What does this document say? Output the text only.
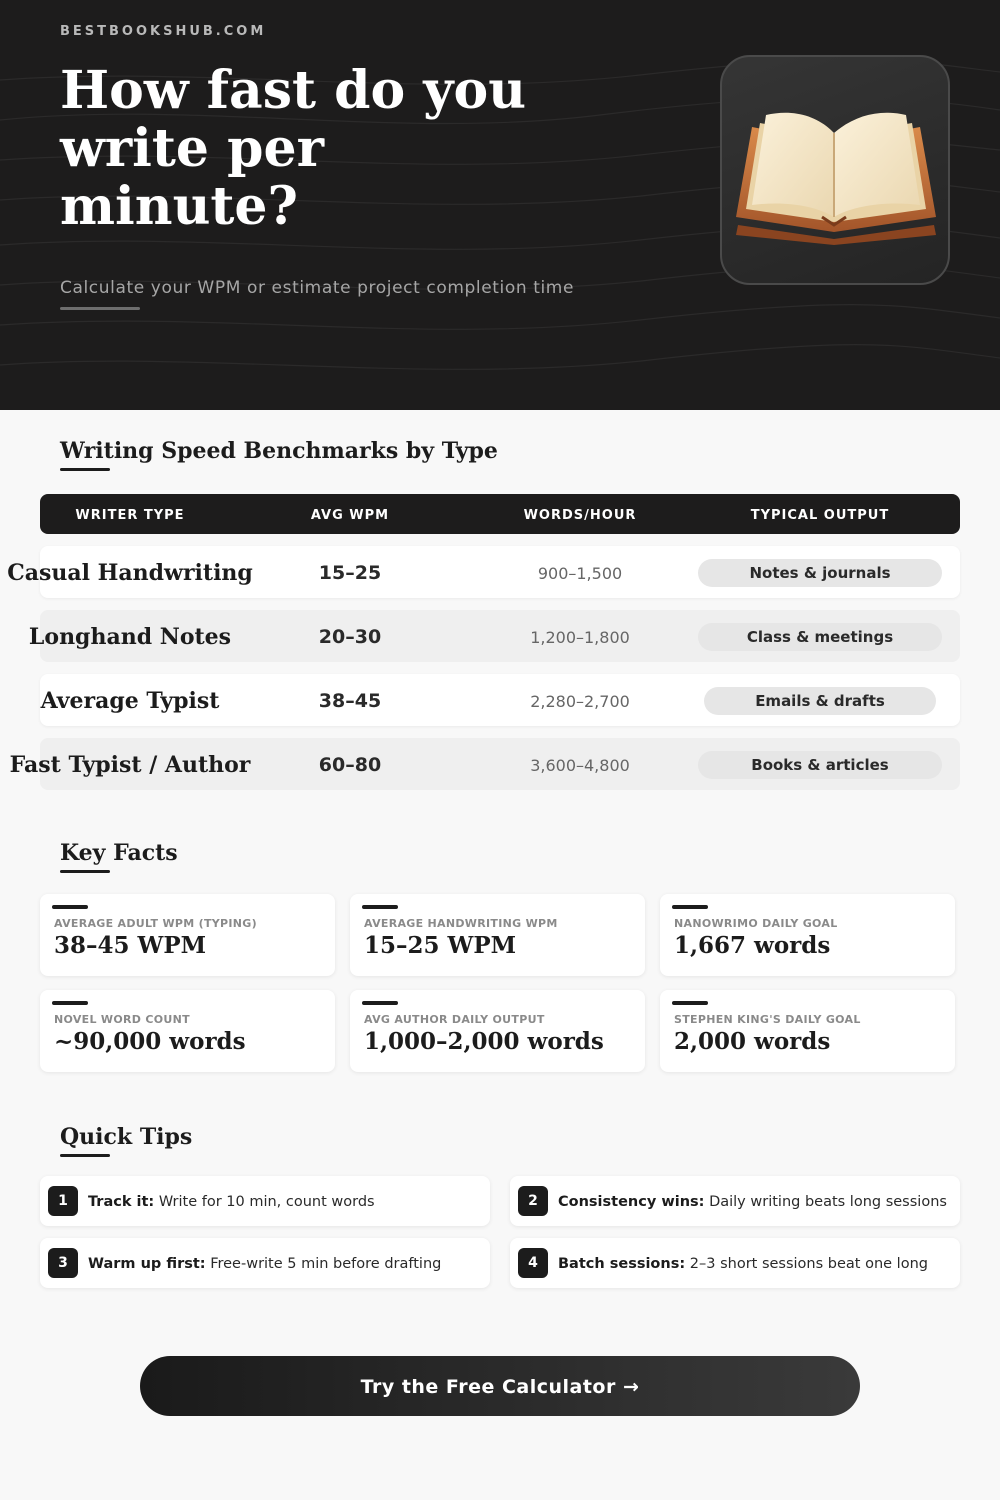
BESTBOOKSHUB.COM
How fast do you write per minute?
Calculate your WPM or estimate project completion time
Writing Speed Benchmarks by Type
WRITER TYPE	AVG WPM	WORDS/HOUR	TYPICAL OUTPUT
Casual Handwriting	15–25	900–1,500	Notes & journals
Longhand Notes	20–30	1,200–1,800	Class & meetings
Average Typist	38–45	2,280–2,700	Emails & drafts
Fast Typist / Author	60–80	3,600–4,800	Books & articles
Key Facts
AVERAGE ADULT WPM (TYPING)
38–45 WPM
AVERAGE HANDWRITING WPM
15–25 WPM
NANOWRIMO DAILY GOAL
1,667 words
NOVEL WORD COUNT
~90,000 words
AVG AUTHOR DAILY OUTPUT
1,000–2,000 words
STEPHEN KING'S DAILY GOAL
2,000 words
Quick Tips
1	Track it: Write for 10 min, count words	2	Consistency wins: Daily writing beats long sessions
3	Warm up first: Free-write 5 min before drafting	4	Batch sessions: 2–3 short sessions beat one long
Try the Free Calculator →
